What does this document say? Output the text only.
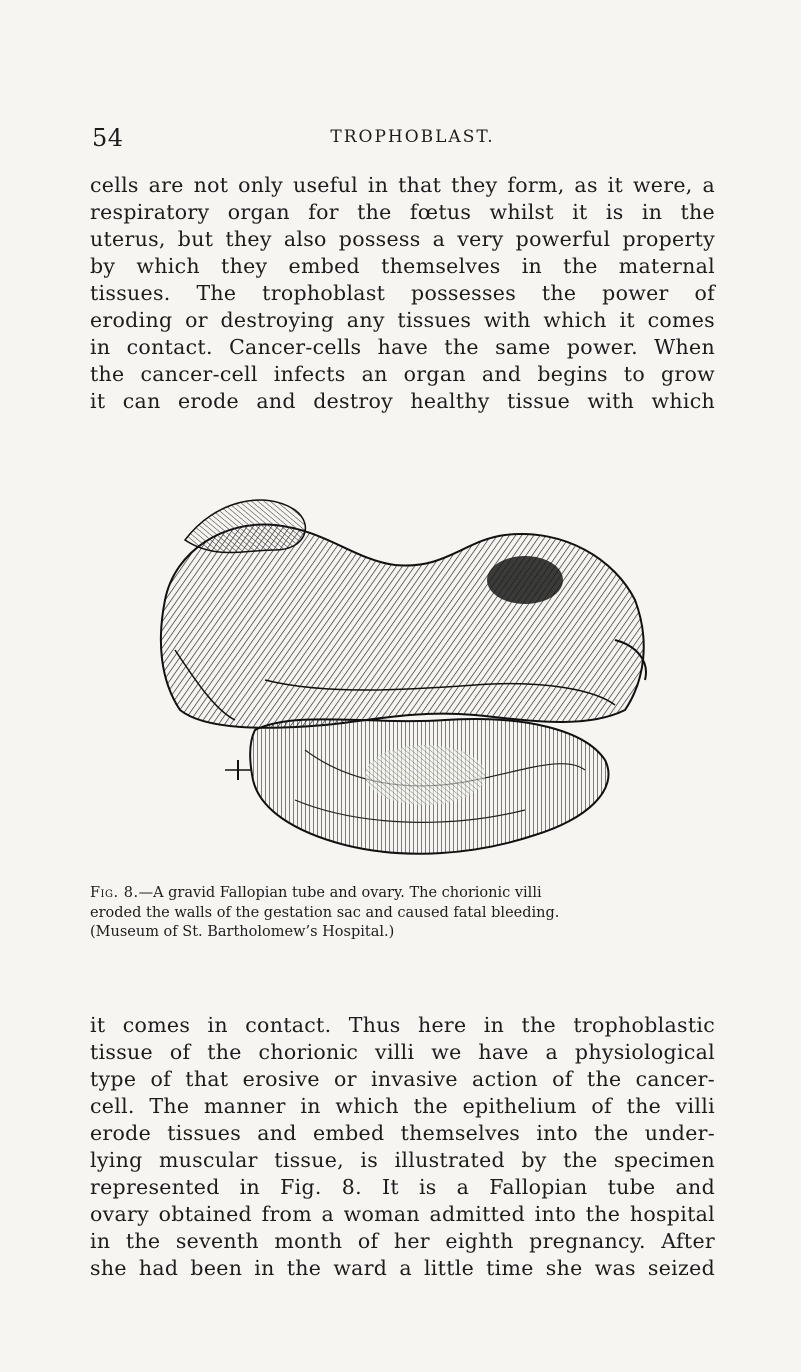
54	TROPHOBLAST.
cells are not only useful in that they form, as it were, a
respiratory organ for the fœtus whilst it is in the
uterus, but they also possess a very powerful property
by which they embed themselves in the maternal
tissues. The trophoblast possesses the power of
eroding or destroying any tissues with which it comes
in contact. Cancer-cells have the same power. When
the cancer-cell infects an organ and begins to grow
it can erode and destroy healthy tissue with which
Fig. 8.—A gravid Fallopian tube and ovary. The chorionic villi
eroded the walls of the gestation sac and caused fatal bleeding.
(Museum of St. Bartholomew’s Hospital.)
it comes in contact. Thus here in the trophoblastic
tissue of the chorionic villi we have a physiological
type of that erosive or invasive action of the cancer-
cell. The manner in which the epithelium of the villi
erode tissues and embed themselves into the under-
lying muscular tissue, is illustrated by the specimen
represented in Fig. 8. It is a Fallopian tube and
ovary obtained from a woman admitted into the hospital
in the seventh month of her eighth pregnancy. After
she had been in the ward a little time she was seized
